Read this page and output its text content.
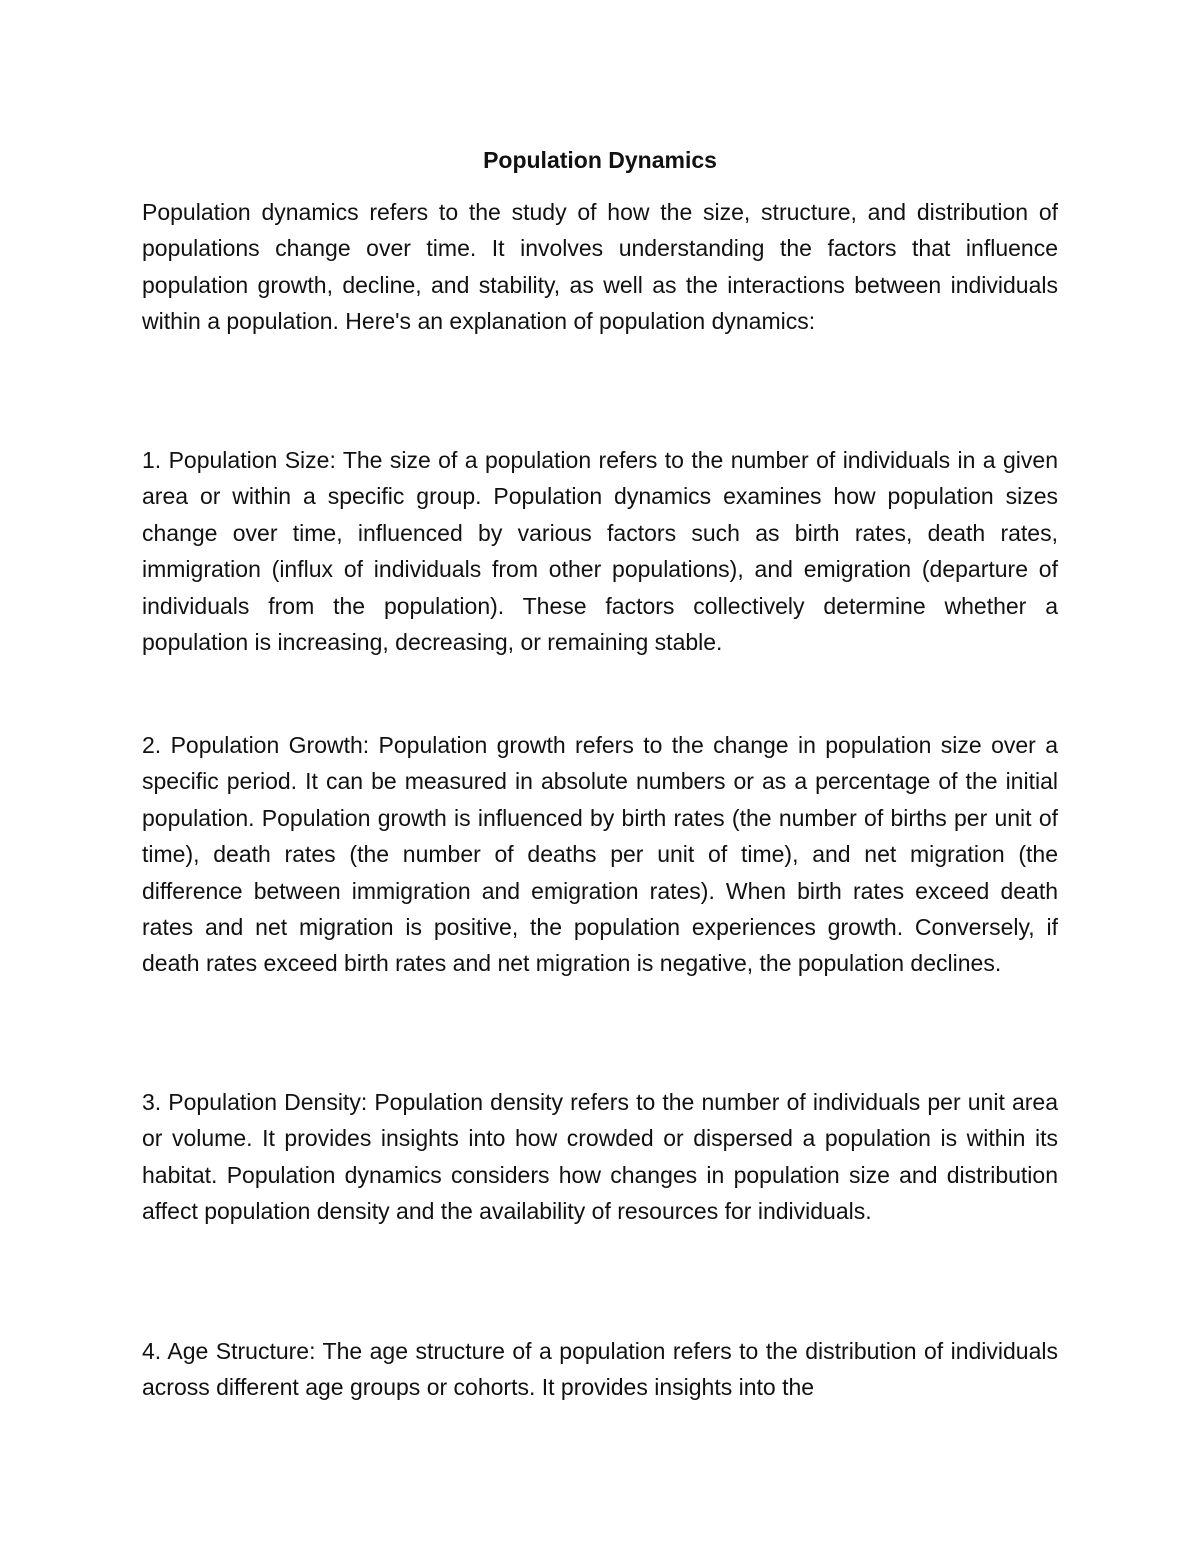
Population Dynamics

Population dynamics refers to the study of how the size, structure, and distribution of populations change over time. It involves understanding the factors that influence population growth, decline, and stability, as well as the interactions between individuals within a population. Here's an explanation of population dynamics:

1. Population Size: The size of a population refers to the number of individuals in a given area or within a specific group. Population dynamics examines how population sizes change over time, influenced by various factors such as birth rates, death rates, immigration (influx of individuals from other populations), and emigration (departure of individuals from the population). These factors collectively determine whether a population is increasing, decreasing, or remaining stable.

2. Population Growth: Population growth refers to the change in population size over a specific period. It can be measured in absolute numbers or as a percentage of the initial population. Population growth is influenced by birth rates (the number of births per unit of time), death rates (the number of deaths per unit of time), and net migration (the difference between immigration and emigration rates). When birth rates exceed death rates and net migration is positive, the population experiences growth. Conversely, if death rates exceed birth rates and net migration is negative, the population declines.

3. Population Density: Population density refers to the number of individuals per unit area or volume. It provides insights into how crowded or dispersed a population is within its habitat. Population dynamics considers how changes in population size and distribution affect population density and the availability of resources for individuals.

4. Age Structure: The age structure of a population refers to the distribution of individuals across different age groups or cohorts. It provides insights into the
